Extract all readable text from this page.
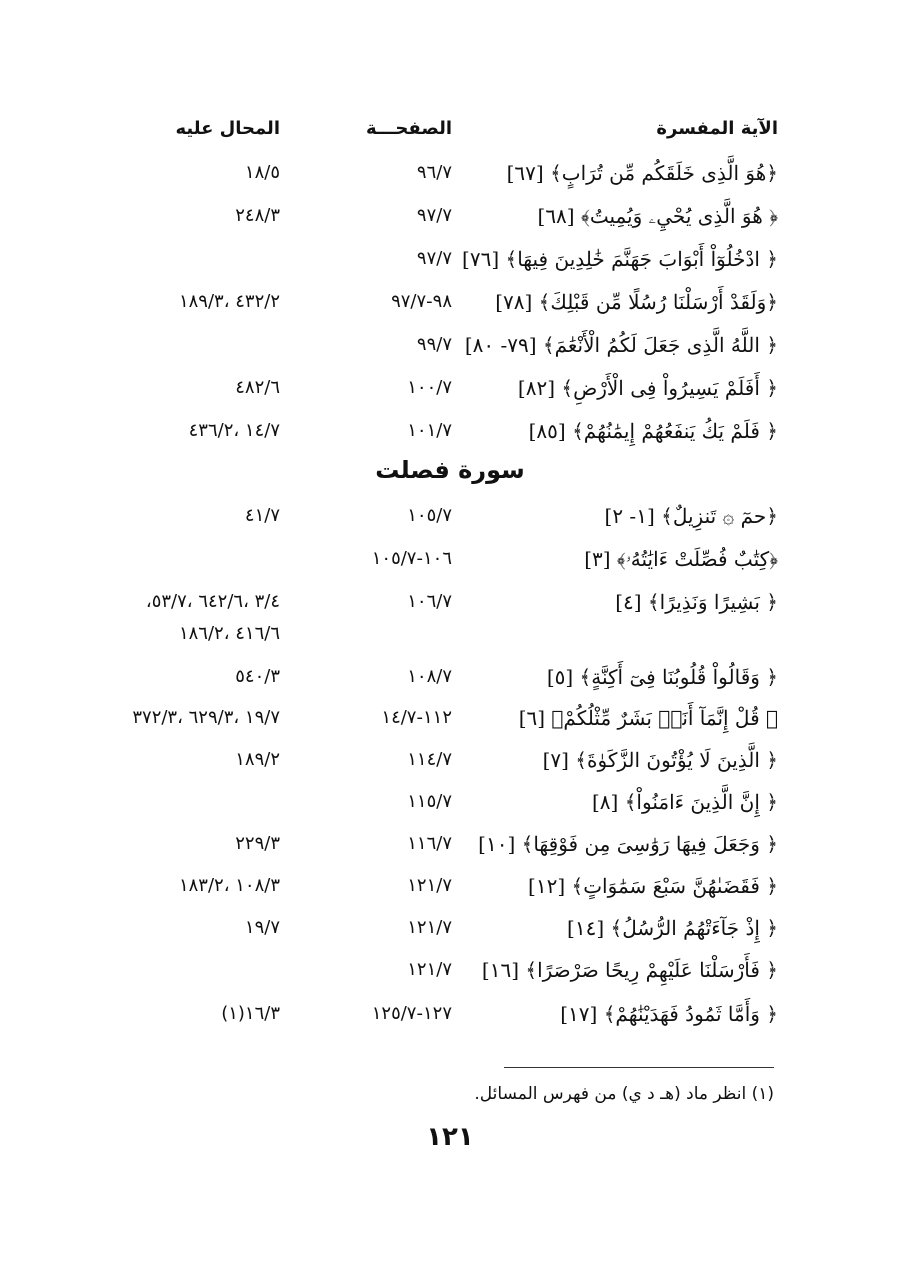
الآية المفسرة
الصفحـــة
المحال عليه
﴿هُوَ الَّذِى خَلَقَكُم مِّن تُرَابٍ﴾ [٦٧]
٩٦/٧
١٨/٥
﴿ هُوَ الَّذِى يُحْيِۦ وَيُمِيتُ﴾ [٦٨]
٩٧/٧
٢٤٨/٣
﴿ ادْخُلُوٓاْ أَبْوَابَ جَهَنَّمَ خَٰلِدِينَ فِيهَا﴾ [٧٦]
٩٧/٧
﴿وَلَقَدْ أَرْسَلْنَا رُسُلًا مِّن قَبْلِكَ﴾ [٧٨]
٩٨-٩٧/٧
٤٣٢/٢ ،١٨٩/٣
﴿ اللَّهُ الَّذِى جَعَلَ لَكُمُ الْأَنْعَٰمَ﴾ [٧٩- ٨٠]
٩٩/٧
﴿ أَفَلَمْ يَسِيرُواْ فِى الْأَرْضِ﴾ [٨٢]
١٠٠/٧
٤٨٢/٦
﴿ فَلَمْ يَكُ يَنفَعُهُمْ إِيمَٰنُهُمْ﴾ [٨٥]
١٠١/٧
١٤/٧ ،٤٣٦/٢
سورة فصلت
﴿حمٓ ۞ تَنزِيلٌ﴾ [١- ٢]
١٠٥/٧
٤١/٧
﴿كِتَٰبٌ فُصِّلَتْ ءَايَٰتُهُۥ﴾ [٣]
١٠٦-١٠٥/٧
﴿ بَشِيرًا وَنَذِيرًا﴾ [٤]
١٠٦/٧
٣/٤ ،٦٤٢/٦ ،٥٣/٧،
٤١٦/٦ ،١٨٦/٢
﴿ وَقَالُواْ قُلُوبُنَا فِىٓ أَكِنَّةٍ﴾ [٥]
١٠٨/٧
٥٤٠/٣
﴿ قُلْ إِنَّمَآ أَنَا۠ بَشَرٌ مِّثْلُكُمْ﴾ [٦]
١١٢-١٤/٧
١٩/٧ ،٦٢٩/٣ ،٣٧٢/٣
﴿ الَّذِينَ لَا يُؤْتُونَ الزَّكَوٰةَ﴾ [٧]
١١٤/٧
١٨٩/٢
﴿ إِنَّ الَّذِينَ ءَامَنُواْ﴾ [٨]
١١٥/٧
﴿ وَجَعَلَ فِيهَا رَوَٰسِىَ مِن فَوْقِهَا﴾ [١٠]
١١٦/٧
٢٢٩/٣
﴿ فَقَضَىٰهُنَّ سَبْعَ سَمَٰوَاتٍ﴾ [١٢]
١٢١/٧
١٠٨/٣ ،١٨٣/٢
﴿ إِذْ جَآءَتْهُمُ الرُّسُلُ﴾ [١٤]
١٢١/٧
١٩/٧
﴿ فَأَرْسَلْنَا عَلَيْهِمْ رِيحًا صَرْصَرًا﴾ [١٦]
١٢١/٧
﴿ وَأَمَّا ثَمُودُ فَهَدَيْنَٰهُمْ﴾ [١٧]
١٢٧-١٢٥/٧
١٦/٣(١)
(١) انظر ماد (هـ د ي) من فهرس المسائل.
١٢١
